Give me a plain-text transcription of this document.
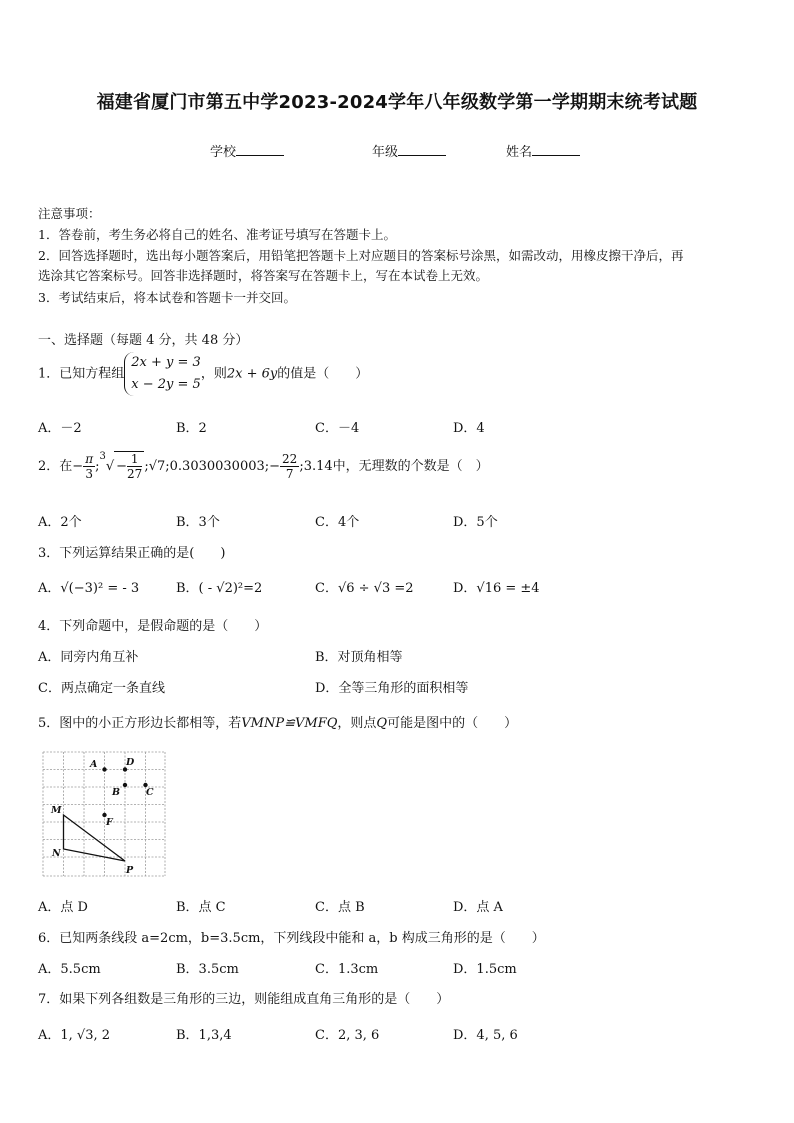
福建省厦门市第五中学2023-2024学年八年级数学第一学期期末统考试题
学校	年级	姓名
注意事项：
1．答卷前，考生务必将自己的姓名、准考证号填写在答题卡上。
2．回答选择题时，选出每小题答案后，用铅笔把答题卡上对应题目的答案标号涂黑，如需改动，用橡皮擦干净后，再
选涂其它答案标号。回答非选择题时，将答案写在答题卡上，写在本试卷上无效。
3．考试结束后，将本试卷和答题卡一并交回。
一、选择题（每题 4 分，共 48 分）
1．已知方程组2x + y = 3
x − 2y = 5，则2x + 6y的值是（　　）
A．－2	B．2	C．－4	D．4
2．在− $\frac{\pi}{3}$ ;$^3$√ − $\frac{1}{27}$ ;√7;0.3030030003;− $\frac{22}{7}$ ;3.14中，无理数的个数是（　）
A．2个	B．3个	C．4个	D．5个
3．下列运算结果正确的是(　　)
A．√(−3)² = - 3	B．( - √2)²=2	C．√6 ÷ √3 =2	D．√16 = ±4
4．下列命题中，是假命题的是（　　）
A．同旁内角互补	B．对顶角相等
C．两点确定一条直线	D．全等三角形的面积相等
5．图中的小正方形边长都相等，若VMNP≌VMFQ，则点Q可能是图中的（　　）
A	D
B	C
M
F
N
P
A．点 D	B．点 C	C．点 B	D．点 A
6．已知两条线段 a=2cm，b=3.5cm，下列线段中能和 a，b 构成三角形的是（　　）
A．5.5cm	B．3.5cm	C．1.3cm	D．1.5cm
7．如果下列各组数是三角形的三边，则能组成直角三角形的是（　　）
A．1, √3, 2	B．1,3,4	C．2, 3, 6	D．4, 5, 6
